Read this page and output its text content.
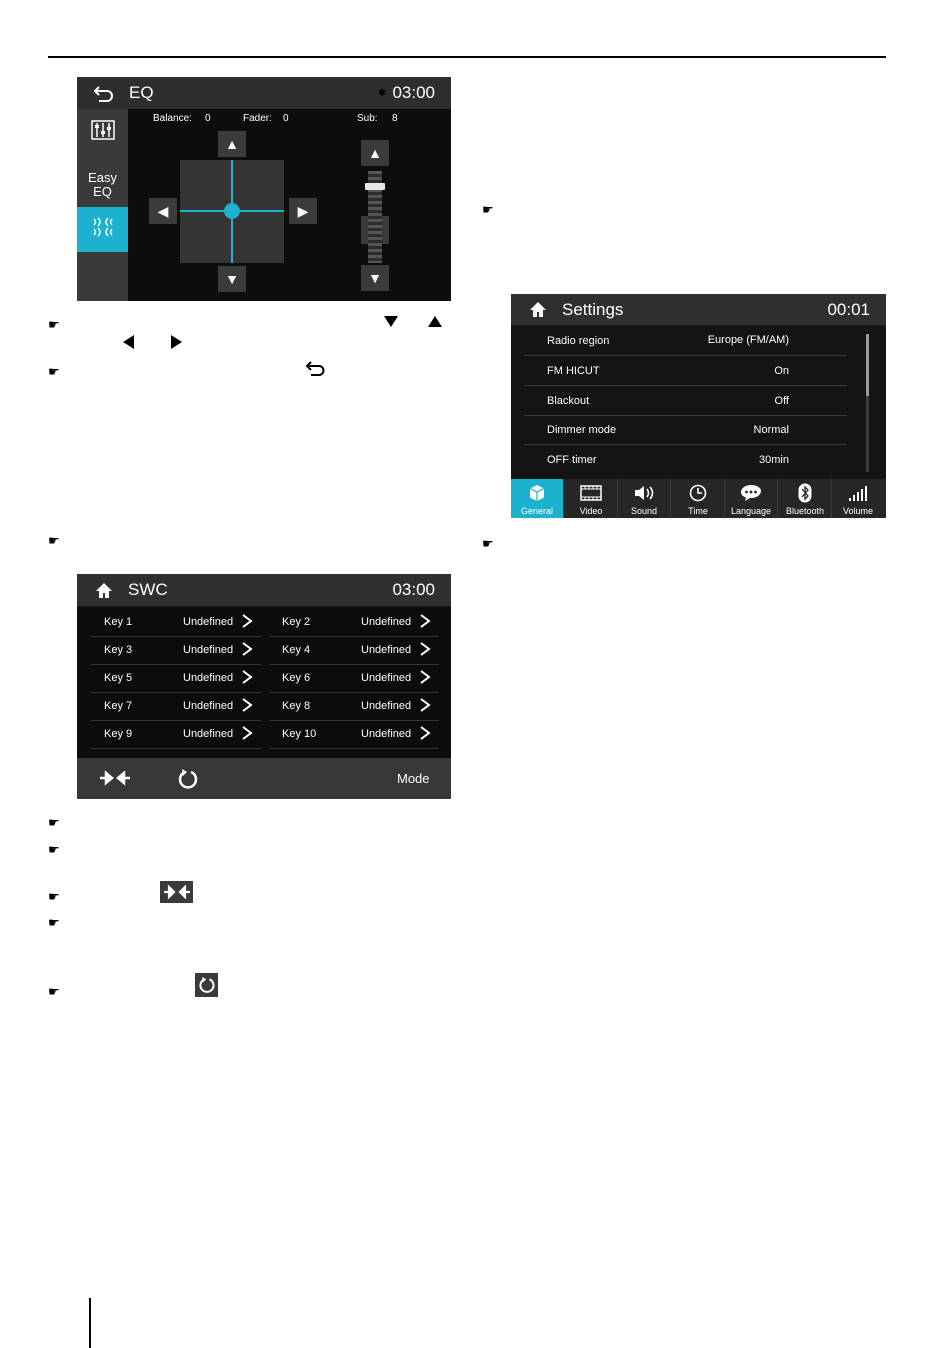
EQ	✱ 03:00
Easy
EQ
Balance: 0	Fader: 0	Sub: 8
▲
◀	▶
▼
▲
▼
☛
☛
☛
☛
☛
Settings	00:01
Radio region	Europe (FM/AM)
FM HICUT	On
Blackout	Off
Dimmer mode	Normal
OFF timer	30min
General	Video	Sound	Time	Language Bluetooth Volume
SWC	03:00
Key 1	Undefined	Key 2	Undefined
Key 3	Undefined	Key 4	Undefined
Key 5	Undefined	Key 6	Undefined
Key 7	Undefined	Key 8	Undefined
Key 9	Undefined	Key 10	Undefined
Mode
☛
☛
☛
☛
☛
